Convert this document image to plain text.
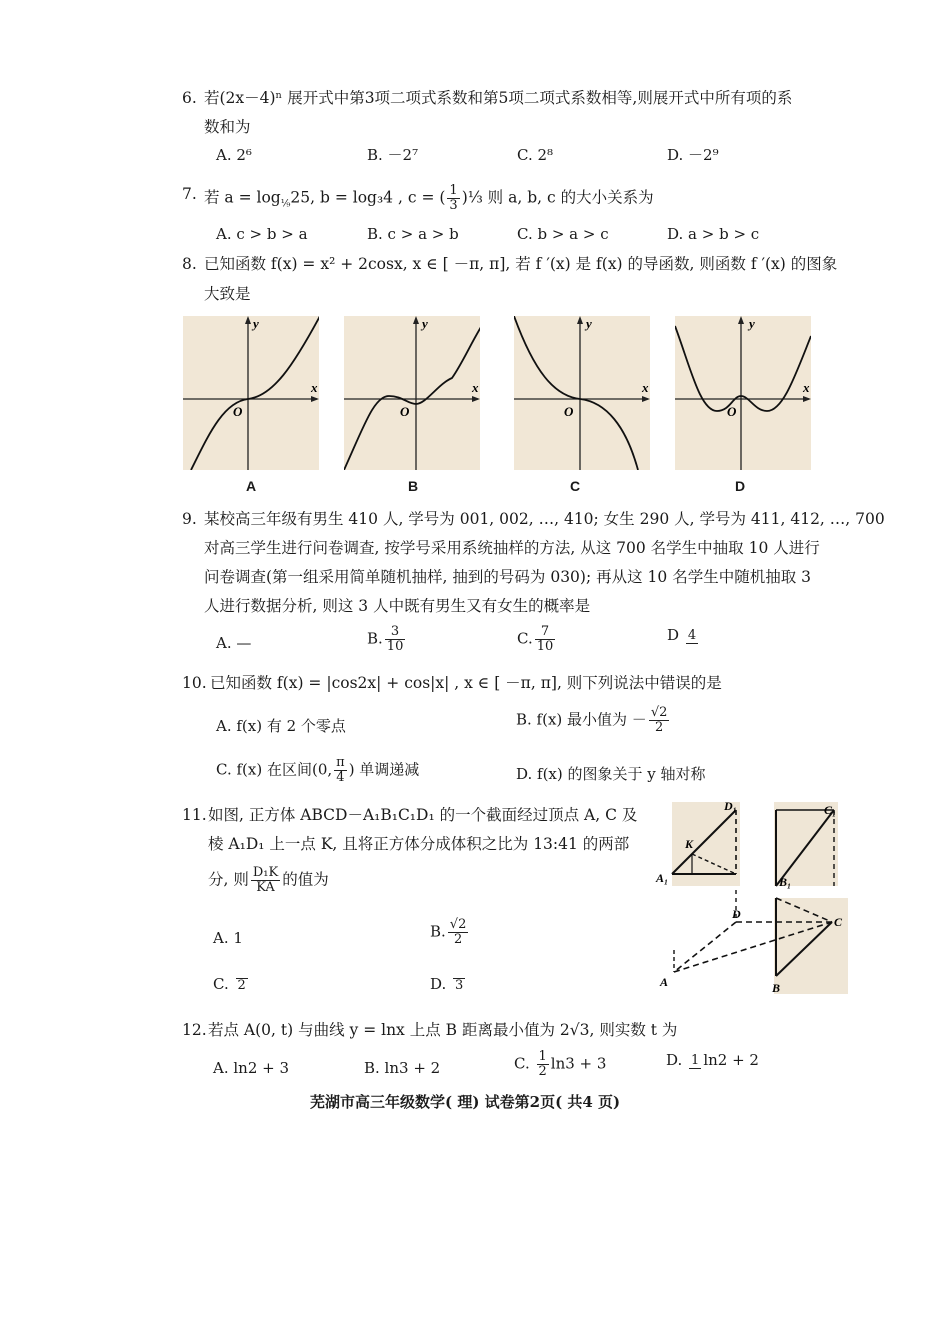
6. 若(2x－4)ⁿ 展开式中第3项二项式系数和第5项二项式系数相等,则展开式中所有项的系
数和为
A. 2⁶	B. －2⁷	C. 2⁸	D. －2⁹
7. 若 $a = \log_{^1⁄_9}25$, b = log₃4 , c = ( $\frac{1}{3}$ )⅓ 则 a, b, c 的大小关系为
A. c > b > a	B. c > a > b	C. b > a > c	D. a > b > c
8. 已知函数 f(x) = x² + 2cosx, x ∈ [ －π, π], 若 f ′(x) 是 f(x) 的导函数, 则函数 f ′(x) 的图象
大致是
y
x
O
A
y
x
O
B
y
x
O
C
y
x
O
D
9. 某校高三年级有男生 410 人, 学号为 001, 002, …, 410; 女生 290 人, 学号为 411, 412, …, 700
对高三学生进行问卷调查, 按学号采用系统抽样的方法, 从这 700 名学生中抽取 10 人进行
问卷调查(第一组采用简单随机抽样, 抽到的号码为 030); 再从这 10 名学生中随机抽取 3
人进行数据分析, 则这 3 人中既有男生又有女生的概率是
A. —	B. $\frac{3}{10}$	C. $\frac{7}{10}$	D 4
10. 已知函数 f(x) = |cos2x| + cos|x| , x ∈ [ －π, π], 则下列说法中错误的是
A. f(x) 有 2 个零点	B. f(x) 最小值为 － $\frac{√2}{2}$
C. f(x) 在区间(0, $\frac{\pi}{4}$ ) 单调递减	D. f(x) 的图象关于 y 轴对称
11. 如图, 正方体 ABCD－A₁B₁C₁D₁ 的一个截面经过顶点 A, C 及
棱 A₁D₁ 上一点 K, 且将正方体分成体积之比为 13:41 的两部
分, 则 $\frac{\text{D₁K}}{KA}$ 的值为
A. 1	B. $\frac{√2}{2}$
C. 2	D. 3
D₁	C₁
K
A₁	B₁
D
C
A	B
12. 若点 A(0, t) 与曲线 y = lnx 上点 B 距离最小值为 2√3, 则实数 t 为
A. ln2 + 3	B. ln3 + 2	C. $\frac{1}{2} \ln 3 + 3$	D. 1 ln2 + 2
芜湖市高三年级数学( 理) 试卷第2页( 共4 页)
